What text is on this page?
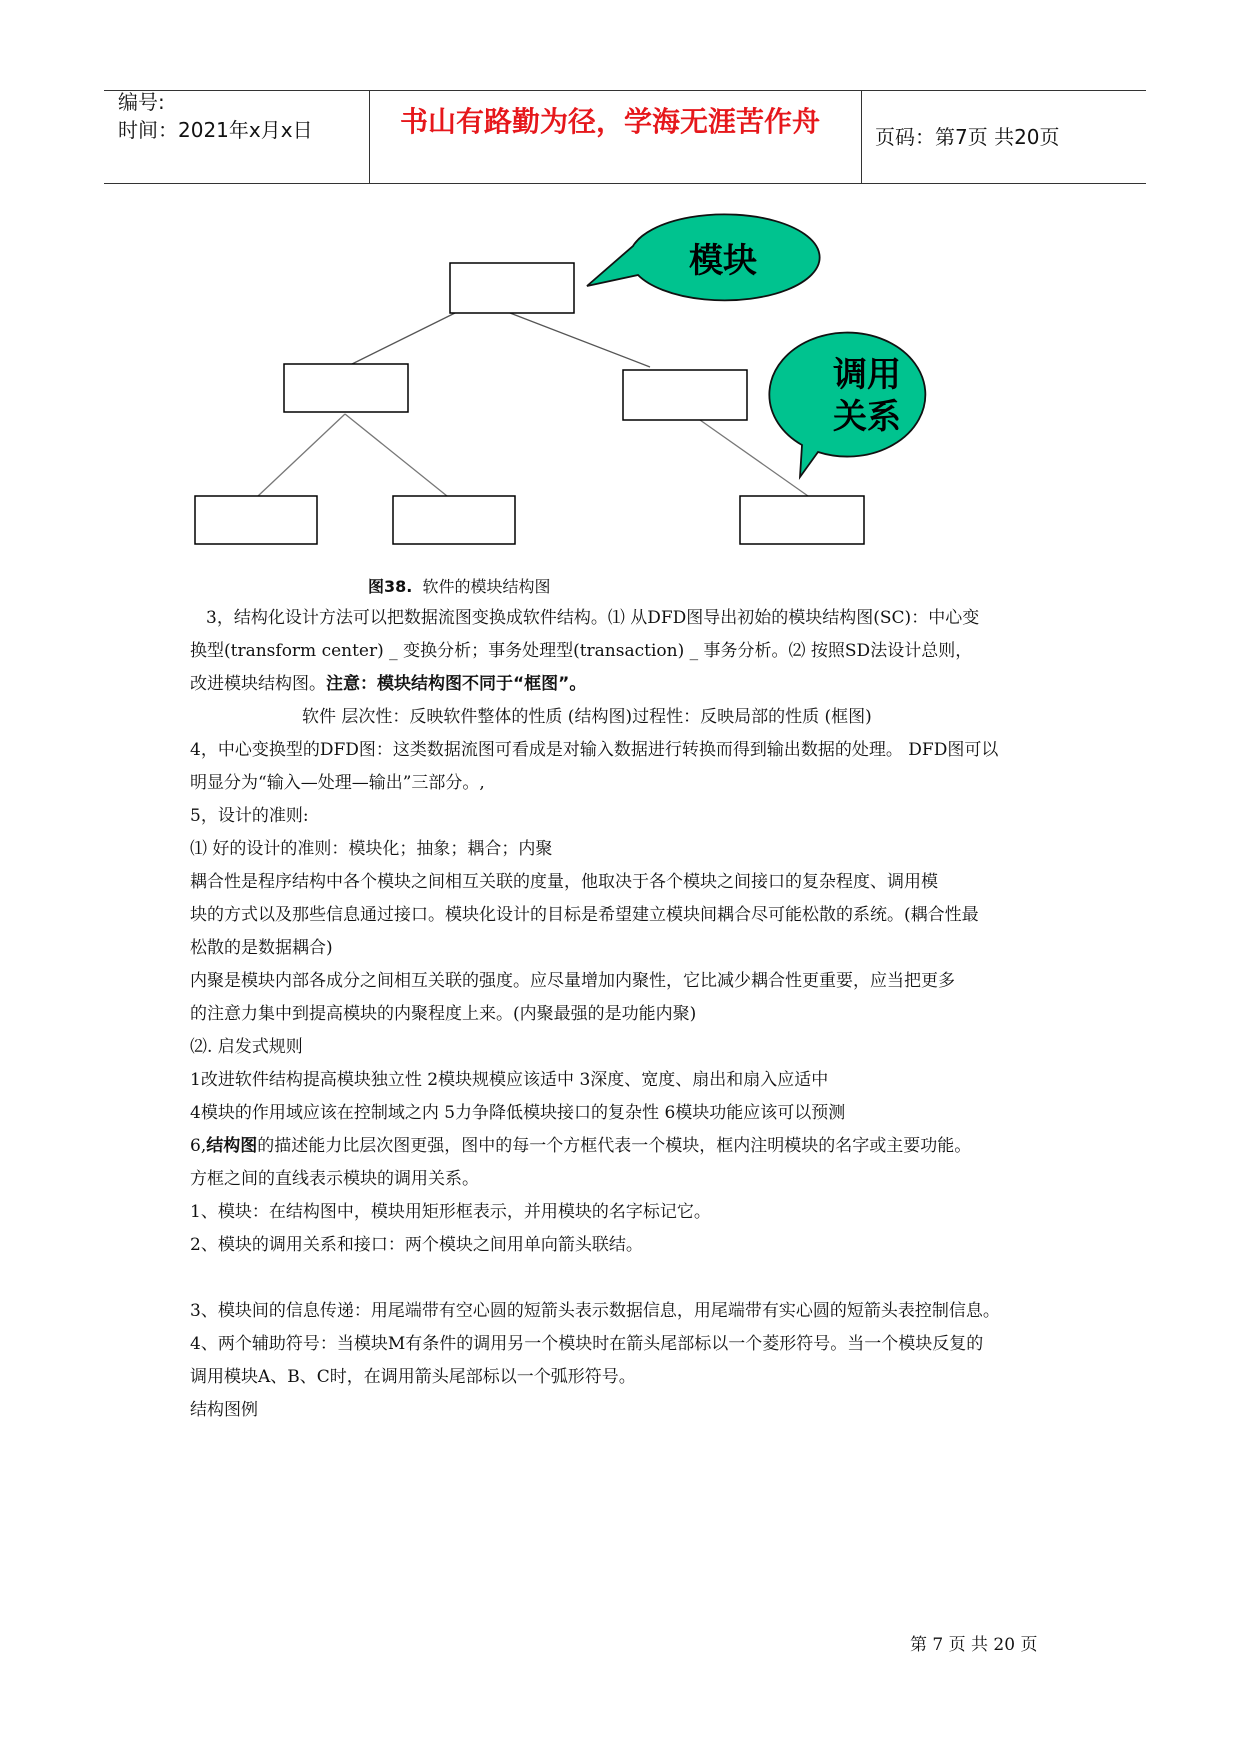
编号:
时间：2021年x月x日	书山有路勤为径，学海无涯苦作舟	页码：第7页 共20页
模块
调用
关系
图38. 软件的模块结构图
3，结构化设计方法可以把数据流图变换成软件结构。⑴ 从DFD图导出初始的模块结构图(SC)：中心变
换型(transform center) _ 变换分析；事务处理型(transaction) _ 事务分析。⑵ 按照SD法设计总则，
改进模块结构图。注意：模块结构图不同于“框图”。
软件 层次性：反映软件整体的性质 (结构图)过程性：反映局部的性质 (框图)
4，中心变换型的DFD图：这类数据流图可看成是对输入数据进行转换而得到输出数据的处理。 DFD图可以
明显分为“输入—处理—输出”三部分。,
5，设计的准则:
⑴ 好的设计的准则：模块化；抽象；耦合；内聚
耦合性是程序结构中各个模块之间相互关联的度量，他取决于各个模块之间接口的复杂程度、调用模
块的方式以及那些信息通过接口。模块化设计的目标是希望建立模块间耦合尽可能松散的系统。(耦合性最
松散的是数据耦合)
内聚是模块内部各成分之间相互关联的强度。应尽量增加内聚性，它比减少耦合性更重要，应当把更多
的注意力集中到提高模块的内聚程度上来。(内聚最强的是功能内聚)
⑵. 启发式规则
1改进软件结构提高模块独立性 2模块规模应该适中 3深度、宽度、扇出和扇入应适中
4模块的作用域应该在控制域之内 5力争降低模块接口的复杂性 6模块功能应该可以预测
6,结构图的描述能力比层次图更强，图中的每一个方框代表一个模块，框内注明模块的名字或主要功能。
方框之间的直线表示模块的调用关系。
1、模块：在结构图中，模块用矩形框表示，并用模块的名字标记它。
2、模块的调用关系和接口：两个模块之间用单向箭头联结。
3、模块间的信息传递：用尾端带有空心圆的短箭头表示数据信息，用尾端带有实心圆的短箭头表控制信息。
4、两个辅助符号：当模块M有条件的调用另一个模块时在箭头尾部标以一个菱形符号。当一个模块反复的
调用模块A、B、C时，在调用箭头尾部标以一个弧形符号。
结构图例
第 7 页 共 20 页
